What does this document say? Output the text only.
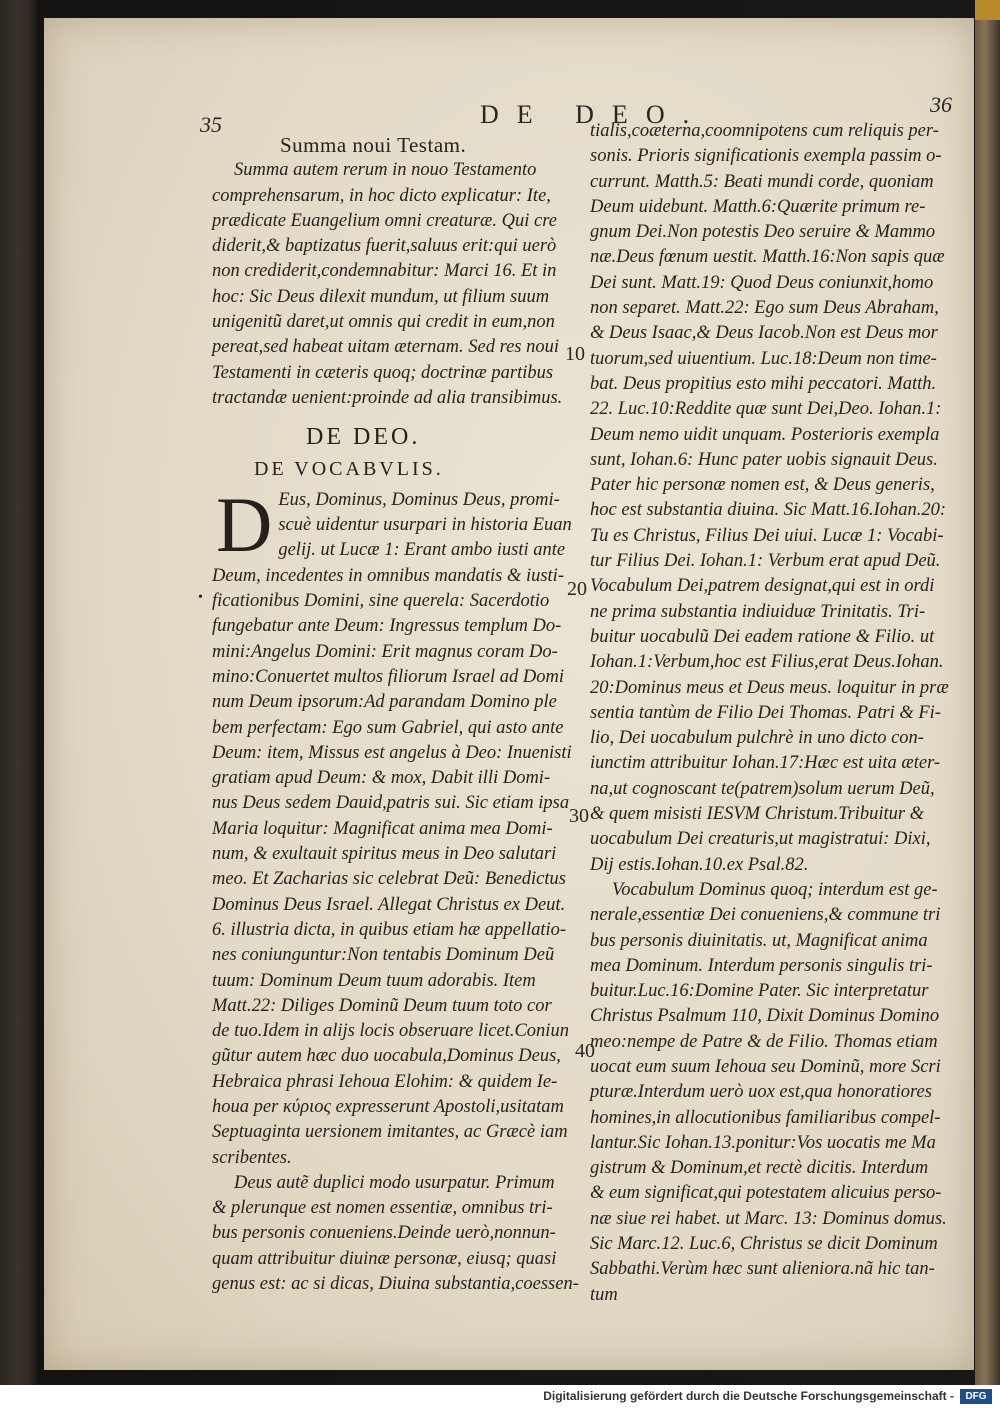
35
36
DE DEO.
Summa noui Testam.
Summa autem rerum in nouo Testamento
comprehensarum, in hoc dicto explicatur: Ite,
prædicate Euangelium omni creaturæ. Qui cre
diderit,& baptizatus fuerit,saluus erit:qui uerò
non crediderit,condemnabitur: Marci 16. Et in
hoc: Sic Deus dilexit mundum, ut filium suum
unigenitũ daret,ut omnis qui credit in eum,non
pereat,sed habeat uitam æternam. Sed res noui
Testamenti in cæteris quoq; doctrinæ partibus
tractandæ uenient:proinde ad alia transibimus.
DE DEO.
DE VOCABVLIS.
D Eus, Dominus, Dominus Deus, promi-
scuè uidentur usurpari in historia Euan
gelij. ut Lucæ 1: Erant ambo iusti ante
Deum, incedentes in omnibus mandatis & iusti-
ficationibus Domini, sine querela: Sacerdotio
fungebatur ante Deum: Ingressus templum Do-
mini:Angelus Domini: Erit magnus coram Do-
mino:Conuertet multos filiorum Israel ad Domi
num Deum ipsorum:Ad parandam Domino ple
bem perfectam: Ego sum Gabriel, qui asto ante
Deum: item, Missus est angelus à Deo: Inuenisti
gratiam apud Deum: & mox, Dabit illi Domi-
nus Deus sedem Dauid,patris sui. Sic etiam ipsa
Maria loquitur: Magnificat anima mea Domi-
num, & exultauit spiritus meus in Deo salutari
meo. Et Zacharias sic celebrat Deũ: Benedictus
Dominus Deus Israel. Allegat Christus ex Deut.
6. illustria dicta, in quibus etiam hæ appellatio-
nes coniunguntur:Non tentabis Dominum Deũ
tuum: Dominum Deum tuum adorabis. Item
Matt.22: Diliges Dominũ Deum tuum toto cor
de tuo.Idem in alijs locis obseruare licet.Coniun
gũtur autem hæc duo uocabula,Dominus Deus,
Hebraica phrasi Iehoua Elohim: & quidem Ie-
houa per κύριος expresserunt Apostoli,usitatam
Septuaginta uersionem imitantes, ac Græcè iam
scribentes.
Deus autẽ duplici modo usurpatur. Primum
& plerunque est nomen essentiæ, omnibus tri-
bus personis conueniens.Deinde uerò,nonnun-
quam attribuitur diuinæ personæ, eiusq; quasi
genus est: ac si dicas, Diuina substantia,coessen-
tialis,coæterna,coomnipotens cum reliquis per-
sonis. Prioris significationis exempla passim o-
currunt. Matth.5: Beati mundi corde, quoniam
Deum uidebunt. Matth.6:Quærite primum re-
gnum Dei.Non potestis Deo seruire & Mammo
næ.Deus fœnum uestit. Matth.16:Non sapis quæ
Dei sunt. Matt.19: Quod Deus coniunxit,homo
non separet. Matt.22: Ego sum Deus Abraham,
& Deus Isaac,& Deus Iacob.Non est Deus mor
tuorum,sed uiuentium. Luc.18:Deum non time-
bat. Deus propitius esto mihi peccatori. Matth.
22. Luc.10:Reddite quæ sunt Dei,Deo. Iohan.1:
Deum nemo uidit unquam. Posterioris exempla
sunt, Iohan.6: Hunc pater uobis signauit Deus.
Pater hic personæ nomen est, & Deus generis,
hoc est substantia diuina. Sic Matt.16.Iohan.20:
Tu es Christus, Filius Dei uiui. Lucæ 1: Vocabi-
tur Filius Dei. Iohan.1: Verbum erat apud Deũ.
Vocabulum Dei,patrem designat,qui est in ordi
ne prima substantia indiuiduæ Trinitatis. Tri-
buitur uocabulũ Dei eadem ratione & Filio. ut
Iohan.1:Verbum,hoc est Filius,erat Deus.Iohan.
20:Dominus meus et Deus meus. loquitur in præ
sentia tantùm de Filio Dei Thomas. Patri & Fi-
lio, Dei uocabulum pulchrè in uno dicto con-
iunctim attribuitur Iohan.17:Hæc est uita æter-
na,ut cognoscant te(patrem)solum uerum Deũ,
& quem misisti IESVM Christum.Tribuitur &
uocabulum Dei creaturis,ut magistratui: Dixi,
Dij estis.Iohan.10.ex Psal.82.
Vocabulum Dominus quoq; interdum est ge-
nerale,essentiæ Dei conueniens,& commune tri
bus personis diuinitatis. ut, Magnificat anima
mea Dominum. Interdum personis singulis tri-
buitur.Luc.16:Domine Pater. Sic interpretatur
Christus Psalmum 110, Dixit Dominus Domino
meo:nempe de Patre & de Filio. Thomas etiam
uocat eum suum Iehoua seu Dominũ, more Scri
pturæ.Interdum uerò uox est,qua honoratiores
homines,in allocutionibus familiaribus compel-
lantur.Sic Iohan.13.ponitur:Vos uocatis me Ma
gistrum & Dominum,et rectè dicitis. Interdum
& eum significat,qui potestatem alicuius perso-
næ siue rei habet. ut Marc. 13: Dominus domus.
Sic Marc.12. Luc.6, Christus se dicit Dominum
Sabbathi.Verùm hæc sunt alieniora.nã hic tan-
tum
10
20
30
40
•
Digitalisierung gefördert durch die Deutsche Forschungsgemeinschaft -	DFG
